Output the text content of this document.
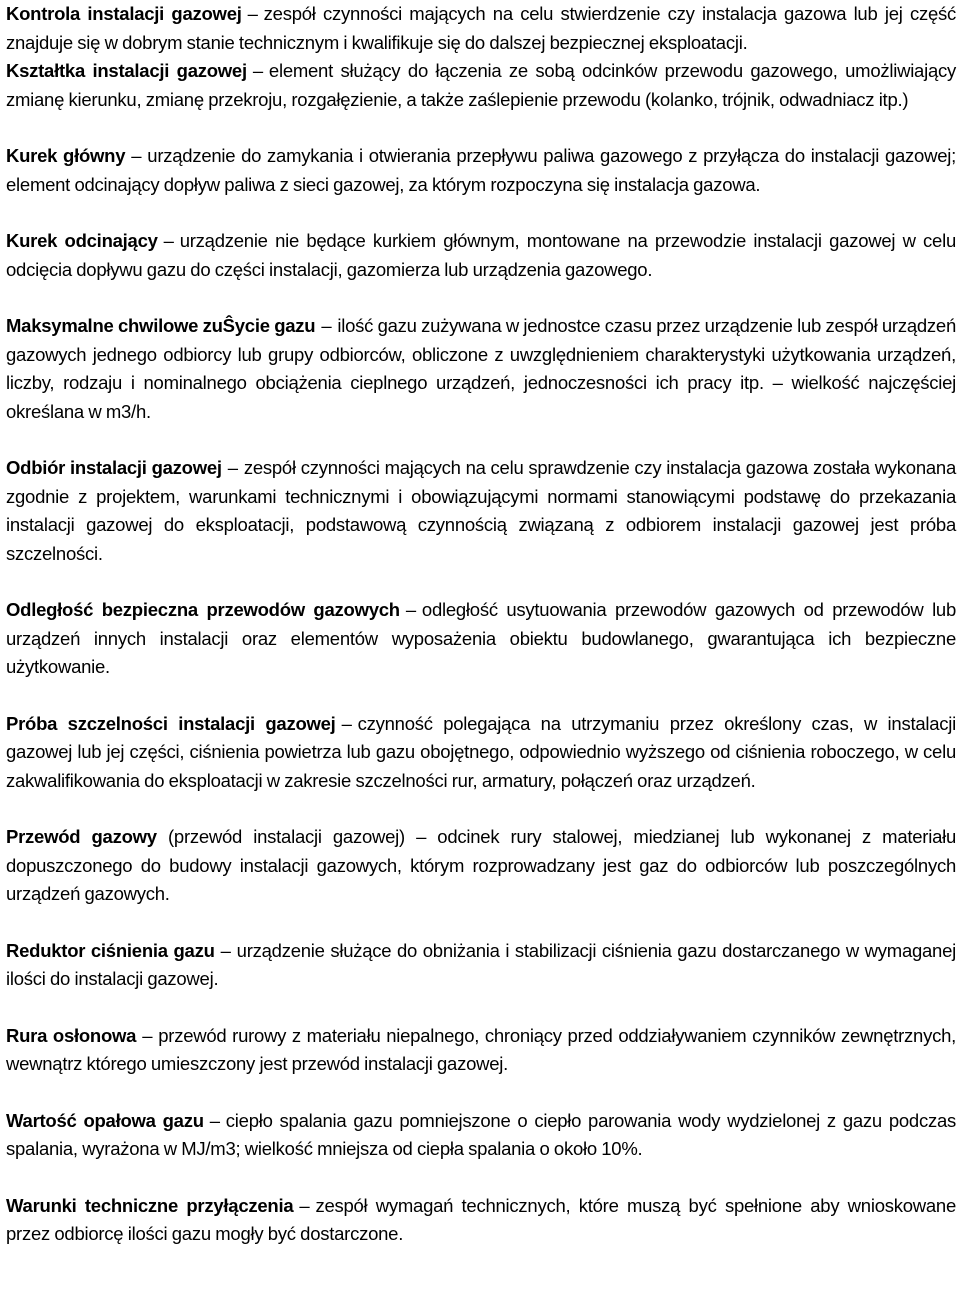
Kontrola instalacji gazowej – zespół czynności mających na celu stwierdzenie czy instalacja gazowa lub jej część znajduje się w dobrym stanie technicznym i kwalifikuje się do dalszej bezpiecznej eksploatacji.

Kształtka instalacji gazowej – element służący do łączenia ze sobą odcinków przewodu gazowego, umożliwiający zmianę kierunku, zmianę przekroju, rozgałęzienie, a także zaślepienie przewodu (kolanko, trójnik, odwadniacz itp.)

Kurek główny – urządzenie do zamykania i otwierania przepływu paliwa gazowego z przyłącza do instalacji gazowej; element odcinający dopływ paliwa z sieci gazowej, za którym rozpoczyna się instalacja gazowa.

Kurek odcinający – urządzenie nie będące kurkiem głównym, montowane na przewodzie instalacji gazowej w celu odcięcia dopływu gazu do części instalacji, gazomierza lub urządzenia gazowego.

Maksymalne chwilowe zuŜycie gazu – ilość gazu zużywana w jednostce czasu przez urządzenie lub zespół urządzeń gazowych jednego odbiorcy lub grupy odbiorców, obliczone z uwzględnieniem charakterystyki użytkowania urządzeń, liczby, rodzaju i nominalnego obciążenia cieplnego urządzeń, jednoczesności ich pracy itp. – wielkość najczęściej określana w m3/h.

Odbiór instalacji gazowej – zespół czynności mających na celu sprawdzenie czy instalacja gazowa została wykonana zgodnie z projektem, warunkami technicznymi i obowiązującymi normami stanowiącymi podstawę do przekazania instalacji gazowej do eksploatacji, podstawową czynnością związaną z odbiorem instalacji gazowej jest próba szczelności.

Odległość bezpieczna przewodów gazowych – odległość usytuowania przewodów gazowych od przewodów lub urządzeń innych instalacji oraz elementów wyposażenia obiektu budowlanego, gwarantująca ich bezpieczne użytkowanie.

Próba szczelności instalacji gazowej – czynność polegająca na utrzymaniu przez określony czas, w instalacji gazowej lub jej części, ciśnienia powietrza lub gazu obojętnego, odpowiednio wyższego od ciśnienia roboczego, w celu zakwalifikowania do eksploatacji w zakresie szczelności rur, armatury, połączeń oraz urządzeń.

Przewód gazowy (przewód instalacji gazowej) – odcinek rury stalowej, miedzianej lub wykonanej z materiału dopuszczonego do budowy instalacji gazowych, którym rozprowadzany jest gaz do odbiorców lub poszczególnych urządzeń gazowych.

Reduktor ciśnienia gazu – urządzenie służące do obniżania i stabilizacji ciśnienia gazu dostarczanego w wymaganej ilości do instalacji gazowej.

Rura osłonowa – przewód rurowy z materiału niepalnego, chroniący przed oddziaływaniem czynników zewnętrznych, wewnątrz którego umieszczony jest przewód instalacji gazowej.

Wartość opałowa gazu – ciepło spalania gazu pomniejszone o ciepło parowania wody wydzielonej z gazu podczas spalania, wyrażona w MJ/m3; wielkość mniejsza od ciepła spalania o około 10%.

Warunki techniczne przyłączenia – zespół wymagań technicznych, które muszą być spełnione aby wnioskowane przez odbiorcę ilości gazu mogły być dostarczone.
